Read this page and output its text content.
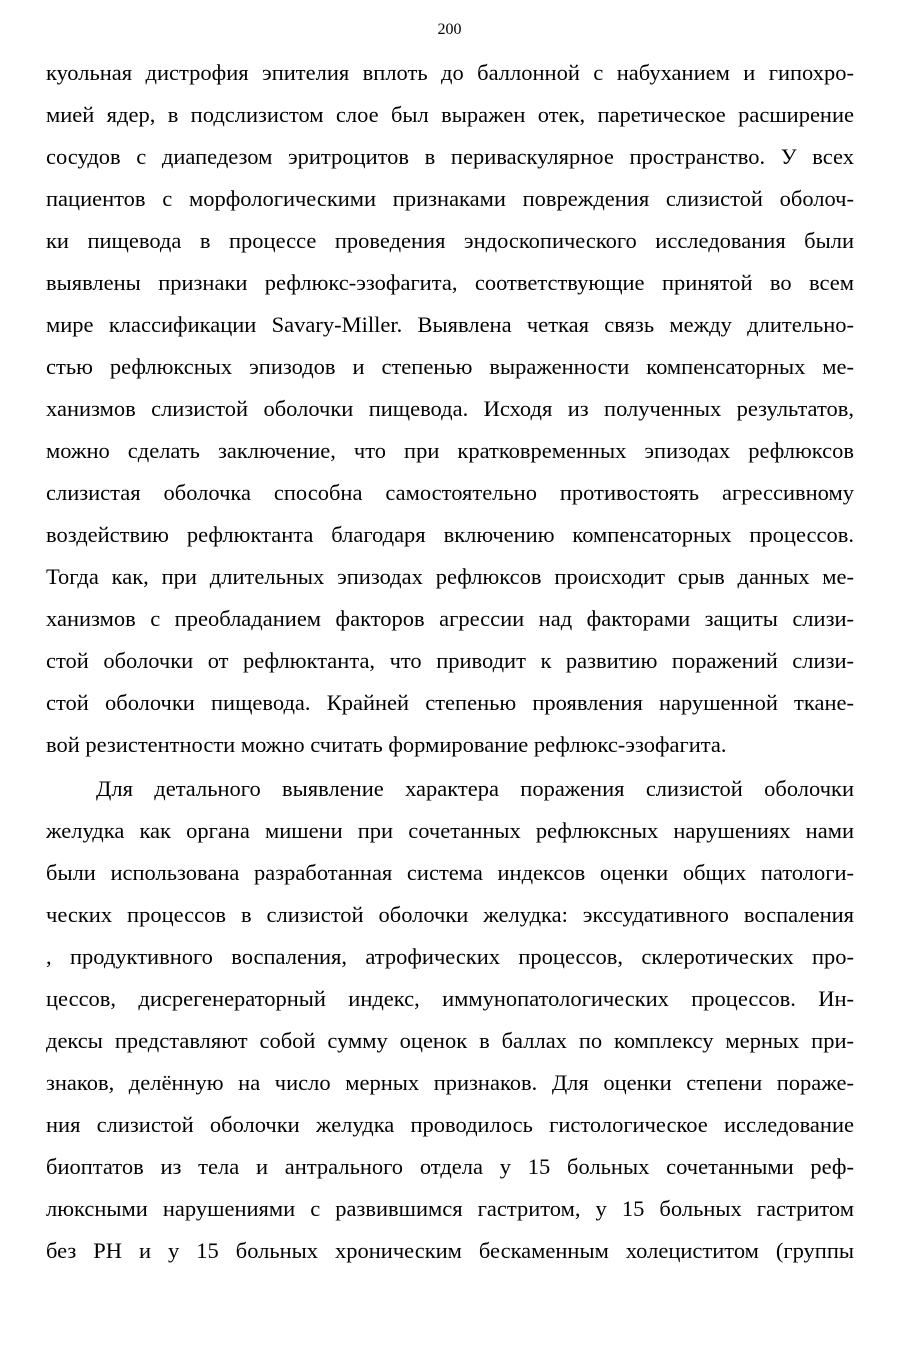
200
куольная дистрофия эпителия вплоть до баллонной с набуханием и гипохро-
мией ядер, в подслизистом слое был выражен отек, паретическое расширение
сосудов с диапедезом эритроцитов в периваскулярное пространство. У всех
пациентов с морфологическими признаками повреждения слизистой оболоч-
ки пищевода в процессе проведения эндоскопического исследования были
выявлены признаки рефлюкс-эзофагита, соответствующие принятой во всем
мире классификации Savary-Miller. Выявлена четкая связь между длительно-
стью рефлюксных эпизодов и степенью выраженности компенсаторных ме-
ханизмов слизистой оболочки пищевода. Исходя из полученных результатов,
можно сделать заключение, что при кратковременных эпизодах рефлюксов
слизистая оболочка способна самостоятельно противостоять агрессивному
воздействию рефлюктанта благодаря включению компенсаторных процессов.
Тогда как, при длительных эпизодах рефлюксов происходит срыв данных ме-
ханизмов с преобладанием факторов агрессии над факторами защиты слизи-
стой оболочки от рефлюктанта, что приводит к развитию поражений слизи-
стой оболочки пищевода. Крайней степенью проявления нарушенной ткане-
вой резистентности можно считать формирование рефлюкс-эзофагита.
Для детального выявление характера поражения слизистой оболочки
желудка как органа мишени при сочетанных рефлюксных нарушениях нами
были использована разработанная система индексов оценки общих патологи-
ческих процессов в слизистой оболочки желудка: экссудативного воспаления
, продуктивного воспаления, атрофических процессов, склеротических про-
цессов, дисрегенераторный индекс, иммунопатологических процессов. Ин-
дексы представляют собой сумму оценок в баллах по комплексу мерных при-
знаков, делённую на число мерных признаков. Для оценки степени пораже-
ния слизистой оболочки желудка проводилось гистологическое исследование
биоптатов из тела и антрального отдела у 15 больных сочетанными реф-
люксными нарушениями с развившимся гастритом, у 15 больных гастритом
без РН и у 15 больных хроническим бескаменным холециститом (группы
